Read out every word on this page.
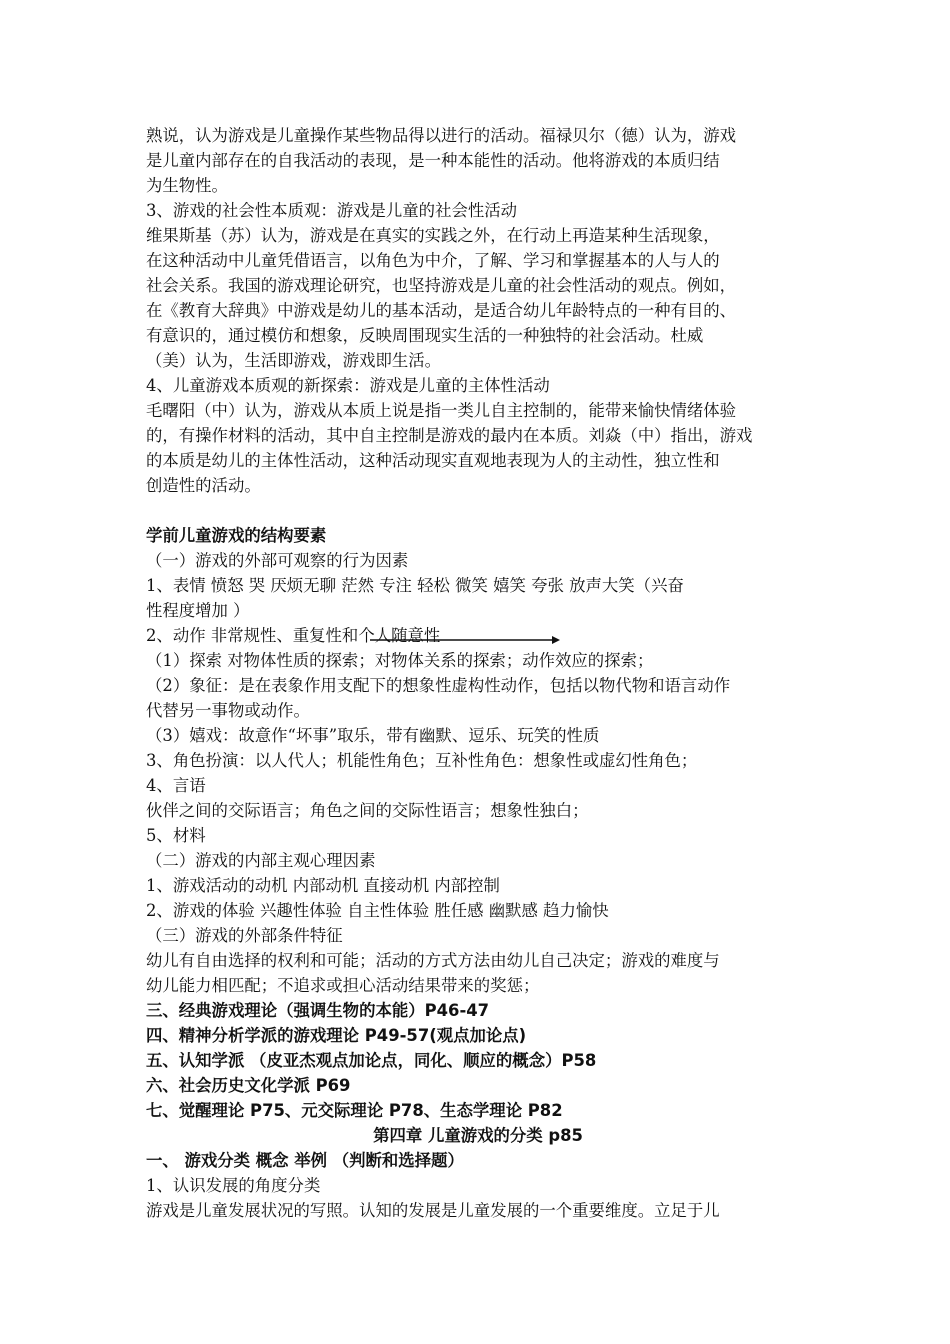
熟说，认为游戏是儿童操作某些物品得以进行的活动。福禄贝尔（德）认为，游戏
是儿童内部存在的自我活动的表现，是一种本能性的活动。他将游戏的本质归结
为生物性。
3、游戏的社会性本质观：游戏是儿童的社会性活动
维果斯基（苏）认为，游戏是在真实的实践之外，在行动上再造某种生活现象，
在这种活动中儿童凭借语言，以角色为中介，了解、学习和掌握基本的人与人的
社会关系。我国的游戏理论研究，也坚持游戏是儿童的社会性活动的观点。例如，
在《教育大辞典》中游戏是幼儿的基本活动，是适合幼儿年龄特点的一种有目的、
有意识的，通过模仿和想象，反映周围现实生活的一种独特的社会活动。杜威
（美）认为，生活即游戏，游戏即生活。
4、儿童游戏本质观的新探索：游戏是儿童的主体性活动
毛曙阳（中）认为，游戏从本质上说是指一类儿自主控制的，能带来愉快情绪体验
的，有操作材料的活动，其中自主控制是游戏的最内在本质。刘焱（中）指出，游戏
的本质是幼儿的主体性活动，这种活动现实直观地表现为人的主动性，独立性和
创造性的活动。
学前儿童游戏的结构要素
（一）游戏的外部可观察的行为因素
1、表情 愤怒 哭 厌烦无聊 茫然 专注 轻松 微笑 嬉笑 夸张 放声大笑（兴奋
性程度增加 ）
2、动作 非常规性、重复性和个人随意性
（1）探索 对物体性质的探索；对物体关系的探索；动作效应的探索；
（2）象征：是在表象作用支配下的想象性虚构性动作，包括以物代物和语言动作
代替另一事物或动作。
（3）嬉戏：故意作“坏事”取乐，带有幽默、逗乐、玩笑的性质
3、角色扮演：以人代人；机能性角色；互补性角色：想象性或虚幻性角色；
4、言语
伙伴之间的交际语言；角色之间的交际性语言；想象性独白；
5、材料
（二）游戏的内部主观心理因素
1、游戏活动的动机 内部动机 直接动机 内部控制
2、游戏的体验 兴趣性体验 自主性体验 胜任感 幽默感 趋力愉快
（三）游戏的外部条件特征
幼儿有自由选择的权利和可能；活动的方式方法由幼儿自己决定；游戏的难度与
幼儿能力相匹配；不追求或担心活动结果带来的奖惩；
三、经典游戏理论（强调生物的本能）P46-47
四、精神分析学派的游戏理论 P49-57(观点加论点)
五、认知学派 （皮亚杰观点加论点，同化、顺应的概念）P58
六、社会历史文化学派 P69
七、觉醒理论 P75、元交际理论 P78、生态学理论 P82
第四章 儿童游戏的分类 p85
一、 游戏分类 概念 举例 （判断和选择题）
1、认识发展的角度分类
游戏是儿童发展状况的写照。认知的发展是儿童发展的一个重要维度。立足于儿
